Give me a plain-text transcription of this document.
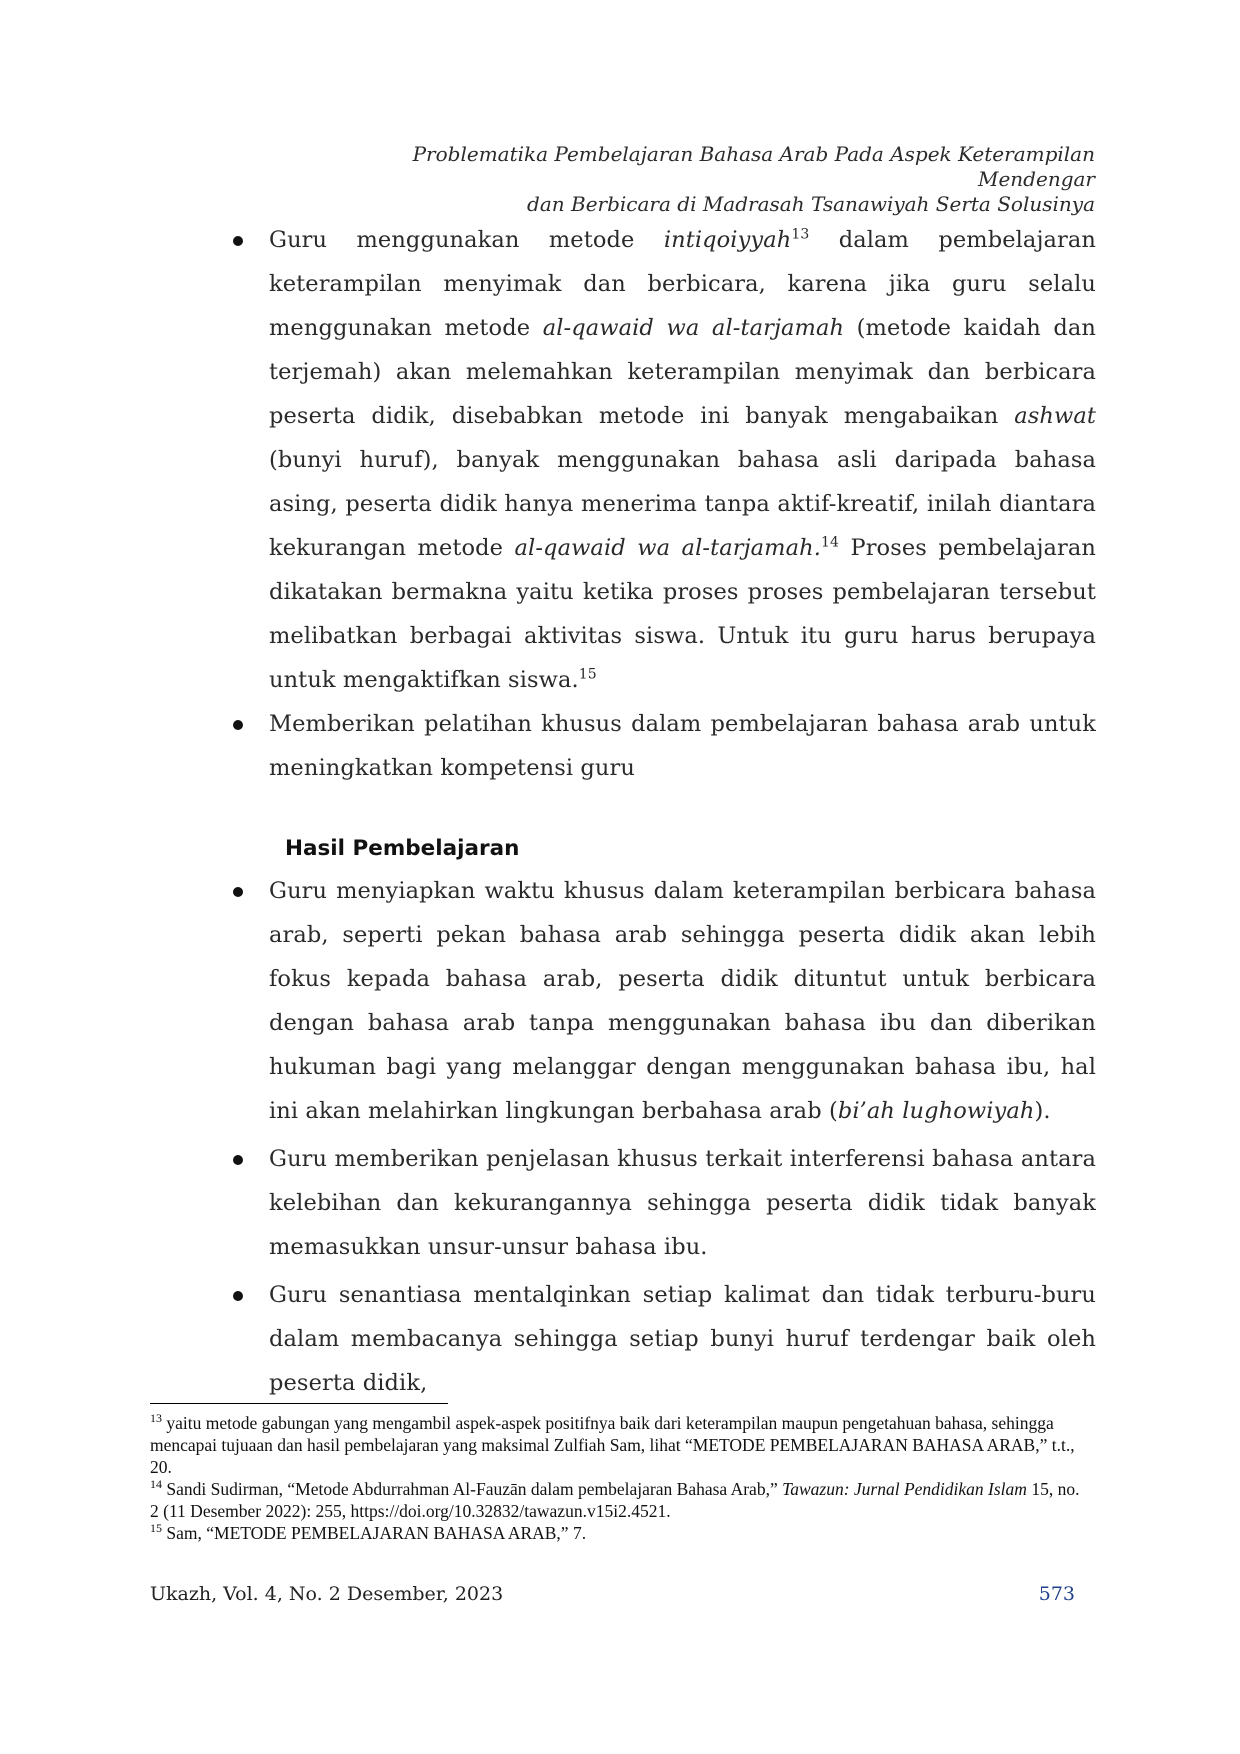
Problematika Pembelajaran Bahasa Arab Pada Aspek Keterampilan Mendengar
dan Berbicara di Madrasah Tsanawiyah Serta Solusinya
Guru menggunakan metode intiqoiyyah$^{13}$ dalam pembelajaran keterampilan menyimak dan berbicara, karena jika guru selalu menggunakan metode al-qawaid wa al-tarjamah (metode kaidah dan terjemah) akan melemahkan keterampilan menyimak dan berbicara peserta didik, disebabkan metode ini banyak mengabaikan ashwat (bunyi huruf), banyak menggunakan bahasa asli daripada bahasa asing, peserta didik hanya menerima tanpa aktif-kreatif, inilah diantara kekurangan metode al-qawaid wa al-tarjamah.$^{14}$ Proses pembelajaran dikatakan bermakna yaitu ketika proses proses pembelajaran tersebut melibatkan berbagai aktivitas siswa. Untuk itu guru harus berupaya untuk mengaktifkan siswa.$^{15}$
Memberikan pelatihan khusus dalam pembelajaran bahasa arab untuk meningkatkan kompetensi guru
Hasil Pembelajaran
Guru menyiapkan waktu khusus dalam keterampilan berbicara bahasa arab, seperti pekan bahasa arab sehingga peserta didik akan lebih fokus kepada bahasa arab, peserta didik dituntut untuk berbicara dengan bahasa arab tanpa menggunakan bahasa ibu dan diberikan hukuman bagi yang melanggar dengan menggunakan bahasa ibu, hal ini akan melahirkan lingkungan berbahasa arab (bi’ah lughowiyah).
Guru memberikan penjelasan khusus terkait interferensi bahasa antara kelebihan dan kekurangannya sehingga peserta didik tidak banyak memasukkan unsur-unsur bahasa ibu.
Guru senantiasa mentalqinkan setiap kalimat dan tidak terburu-buru dalam membacanya sehingga setiap bunyi huruf terdengar baik oleh peserta didik,

$^{13}$ yaitu metode gabungan yang mengambil aspek-aspek positifnya baik dari keterampilan maupun pengetahuan bahasa, sehingga mencapai tujuaan dan hasil pembelajaran yang maksimal Zulfiah Sam, lihat “METODE PEMBELAJARAN BAHASA ARAB,” t.t., 20.

$^{14}$ Sandi Sudirman, “Metode Abdurrahman Al-Fauzān dalam pembelajaran Bahasa Arab,” Tawazun: Jurnal Pendidikan Islam 15, no. 2 (11 Desember 2022): 255, https://doi.org/10.32832/tawazun.v15i2.4521.

$^{15}$ Sam, “METODE PEMBELAJARAN BAHASA ARAB,” 7.

Ukazh, Vol. 4, No. 2 Desember, 2023	573
